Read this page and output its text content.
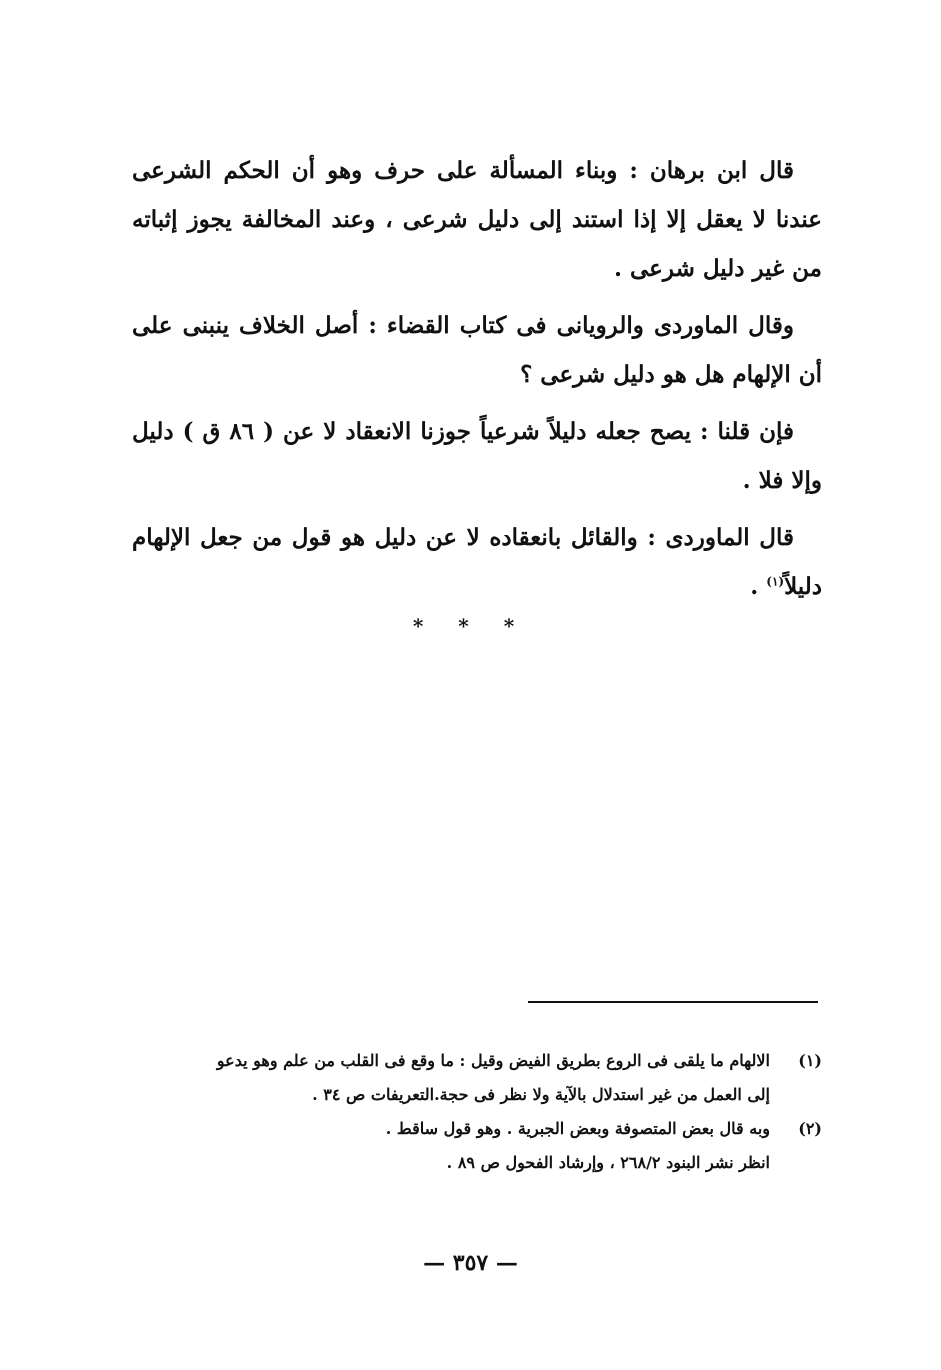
قال ابن برهان : وبناء المسألة على حرف وهو أن الحكم الشرعى عندنا لا يعقل إلا إذا استند إلى دليل شرعى ، وعند المخالفة يجوز إثباته من غير دليل شرعى .

وقال الماوردى والرويانى فى كتاب القضاء : أصل الخلاف ينبنى على أن الإلهام هل هو دليل شرعى ؟

فإن قلنا : يصح جعله دليلاً شرعياً جوزنا الانعقاد لا عن ( ٨٦ ق ) دليل وإلا فلا .

قال الماوردى : والقائل بانعقاده لا عن دليل هو قول من جعل الإلهام دليلاً$^{(١)}$ .

* * *
(١)
الالهام ما يلقى فى الروع بطريق الفيض وقيل : ما وقع فى القلب من علم وهو يدعو
إلى العمل من غير استدلال بالآية ولا نظر فى حجة.التعريفات ص ٣٤ .
(٢)
وبه قال بعض المتصوفة وبعض الجبرية . وهو قول ساقط .
انظر نشر البنود ٢٦٨/٢ ، وإرشاد الفحول ص ٨٩ .
— ٣٥٧ —
